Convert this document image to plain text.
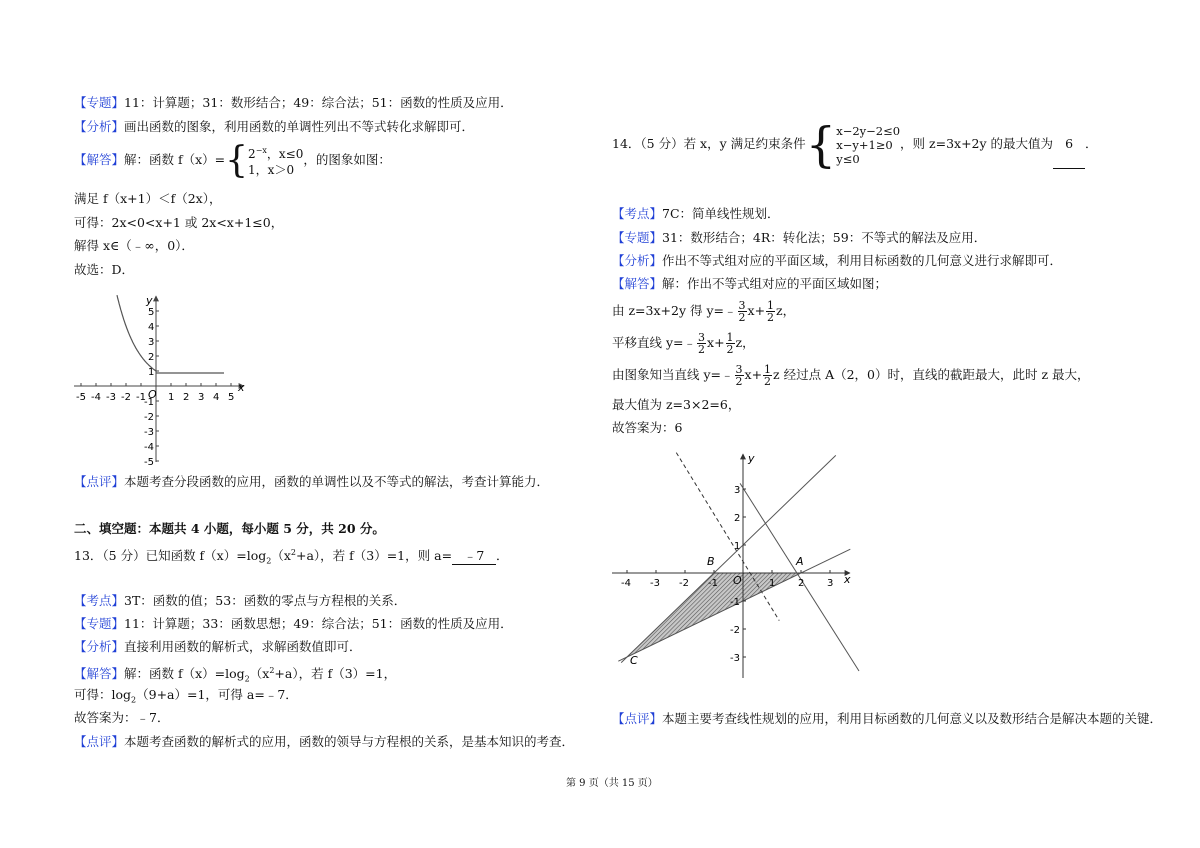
【专题】11：计算题；31：数形结合；49：综合法；51：函数的性质及应用．
【分析】画出函数的图象，利用函数的单调性列出不等式转化求解即可．
【解答】解：函数 $f(x)=\{2^{-x}$，x≤0
1，x＞0，的图象如图：
满足 f（x+1）＜f（2x），
可得：2x<0<x+1 或 2x<x+1≤0，
解得 x∈（﹣∞，0）．
故选：D．
-5 -4 -3 -2 -1 1 2 3 4 5
5
4
3
2
1
-1
-2
-3
-4
-5
x
y
O
【点评】本题考查分段函数的应用，函数的单调性以及不等式的解法，考查计算能力．
二、填空题：本题共 4 小题，每小题 5 分，共 20 分。
13．（5 分）已知函数 $f(x)=\log_2(x^2+a)$，若 f（3）=1，则 a= ﹣7 ．
【考点】3T：函数的值；53：函数的零点与方程根的关系．
【专题】11：计算题；33：函数思想；49：综合法；51：函数的性质及应用．
【分析】直接利用函数的解析式，求解函数值即可．
【解答】解：函数 $f(x)=\log_2(x^2+a)$，若 f（3）=1，
可得：$\log_2(9+a)=1$，可得 a=﹣7．
故答案为：﹣7．
【点评】本题考查函数的解析式的应用，函数的领导与方程根的关系，是基本知识的考查．
14．（5 分）若 x，y 满足约束条件{x−2y−2≤0
x−y+1≥0
y≤0，则 z=3x+2y 的最大值为 6 ．
【考点】7C：简单线性规划．
【专题】31：数形结合；4R：转化法；59：不等式的解法及应用．
【分析】作出不等式组对应的平面区域，利用目标函数的几何意义进行求解即可．
【解答】解：作出不等式组对应的平面区域如图；
由 z=3x+2y 得 y=﹣ $\frac{3}{2} x+ \frac{1}{2}$ z，
平移直线 y=﹣ $\frac{3}{2} x+ \frac{1}{2}$ z，
由图象知当直线 y=﹣ $\frac{3}{2} x+ \frac{1}{2}$ z 经过点 A（2，0）时，直线的截距最大，此时 z 最大，
最大值为 z=3×2=6，
故答案为：6
-4 -3 -2 -1	1 2 3
3
2
1
-1
-2
-3
x
y
O
A
B
C
【点评】本题主要考查线性规划的应用，利用目标函数的几何意义以及数形结合是解决本题的关键．
第 9 页（共 15 页）
